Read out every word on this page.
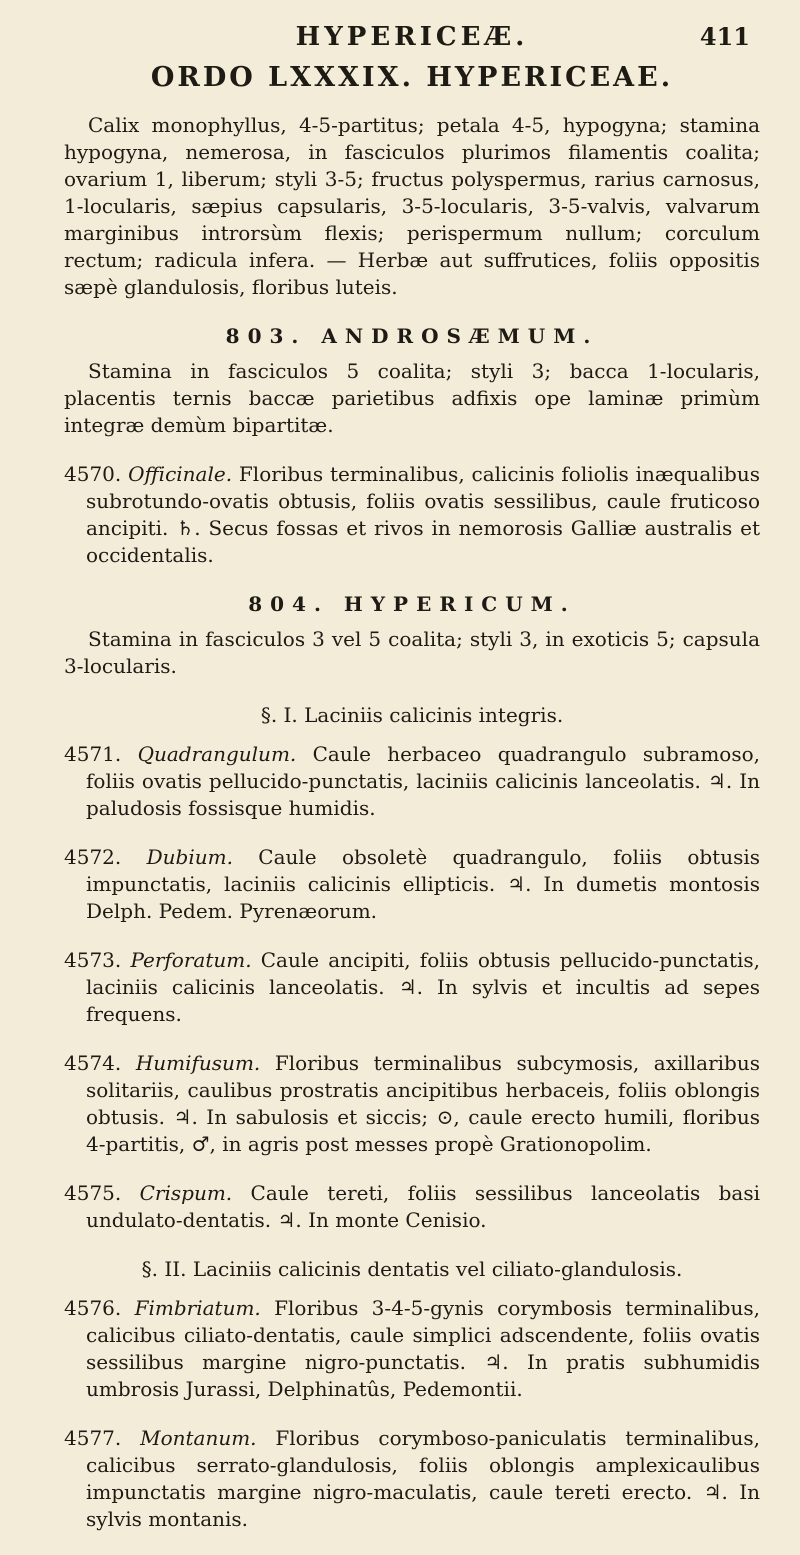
HYPERICEÆ.	411
ORDO LXXXIX. HYPERICEAE.

Calix monophyllus, 4-5-partitus; petala 4-5, hypogyna; stamina hypogyna, nemerosa, in fasciculos plurimos filamentis coalita; ovarium 1, liberum; styli 3-5; fructus polyspermus, rarius carnosus, 1-locularis, sæpius capsularis, 3-5-locularis, 3-5-valvis, valvarum marginibus introrsùm flexis; perispermum nullum; corculum rectum; radicula infera. — Herbæ aut suffrutices, foliis oppositis sæpè glandulosis, floribus luteis.

803. ANDROSÆMUM.

Stamina in fasciculos 5 coalita; styli 3; bacca 1-locularis, placentis ternis baccæ parietibus adfixis ope laminæ primùm integræ demùm bipartitæ.

4570. Officinale. Floribus terminalibus, calicinis foliolis inæqualibus subrotundo-ovatis obtusis, foliis ovatis sessilibus, caule fruticoso ancipiti. ♄. Secus fossas et rivos in nemorosis Galliæ australis et occidentalis.

804. HYPERICUM.

Stamina in fasciculos 3 vel 5 coalita; styli 3, in exoticis 5; capsula 3-locularis.

§. I. Laciniis calicinis integris.

4571. Quadrangulum. Caule herbaceo quadrangulo subramoso, foliis ovatis pellucido-punctatis, laciniis calicinis lanceolatis. ♃. In paludosis fossisque humidis.

4572. Dubium. Caule obsoletè quadrangulo, foliis obtusis impunctatis, laciniis calicinis ellipticis. ♃. In dumetis montosis Delph. Pedem. Pyrenæorum.

4573. Perforatum. Caule ancipiti, foliis obtusis pellucido-punctatis, laciniis calicinis lanceolatis. ♃. In sylvis et incultis ad sepes frequens.

4574. Humifusum. Floribus terminalibus subcymosis, axillaribus solitariis, caulibus prostratis ancipitibus herbaceis, foliis oblongis obtusis. ♃. In sabulosis et siccis; ⊙, caule erecto humili, floribus 4-partitis, ♂, in agris post messes propè Grationopolim.

4575. Crispum. Caule tereti, foliis sessilibus lanceolatis basi undulato-dentatis. ♃. In monte Cenisio.

§. II. Laciniis calicinis dentatis vel ciliato-glandulosis.

4576. Fimbriatum. Floribus 3-4-5-gynis corymbosis terminalibus, calicibus ciliato-dentatis, caule simplici adscendente, foliis ovatis sessilibus margine nigro-punctatis. ♃. In pratis subhumidis umbrosis Jurassi, Delphinatûs, Pedemontii.

4577. Montanum. Floribus corymboso-paniculatis terminalibus, calicibus serrato-glandulosis, foliis oblongis amplexicaulibus impunctatis margine nigro-maculatis, caule tereti erecto. ♃. In sylvis montanis.
